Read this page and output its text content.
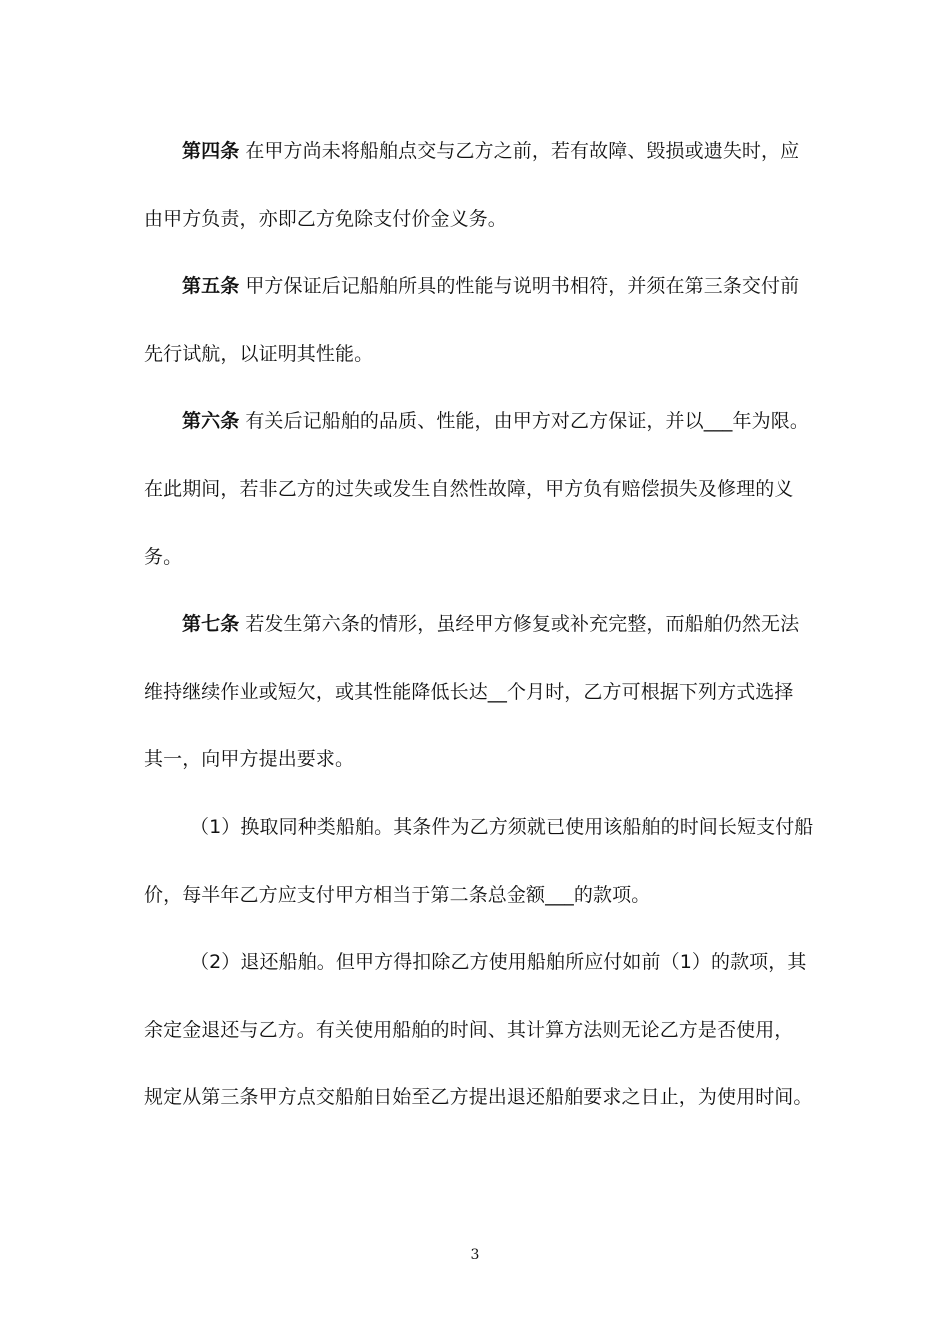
第四条 在甲方尚未将船舶点交与乙方之前，若有故障、毁损或遗失时，应
由甲方负责，亦即乙方免除支付价金义务。
第五条 甲方保证后记船舶所具的性能与说明书相符，并须在第三条交付前
先行试航，以证明其性能。
第六条 有关后记船舶的品质、性能，由甲方对乙方保证，并以___年为限。
在此期间，若非乙方的过失或发生自然性故障，甲方负有赔偿损失及修理的义
务。
第七条 若发生第六条的情形，虽经甲方修复或补充完整，而船舶仍然无法
维持继续作业或短欠，或其性能降低长达__个月时，乙方可根据下列方式选择
其一，向甲方提出要求。
（1）换取同种类船舶。其条件为乙方须就已使用该船舶的时间长短支付船
价，每半年乙方应支付甲方相当于第二条总金额___的款项。
（2）退还船舶。但甲方得扣除乙方使用船舶所应付如前（1）的款项，其
余定金退还与乙方。有关使用船舶的时间、其计算方法则无论乙方是否使用，
规定从第三条甲方点交船舶日始至乙方提出退还船舶要求之日止，为使用时间。
3
